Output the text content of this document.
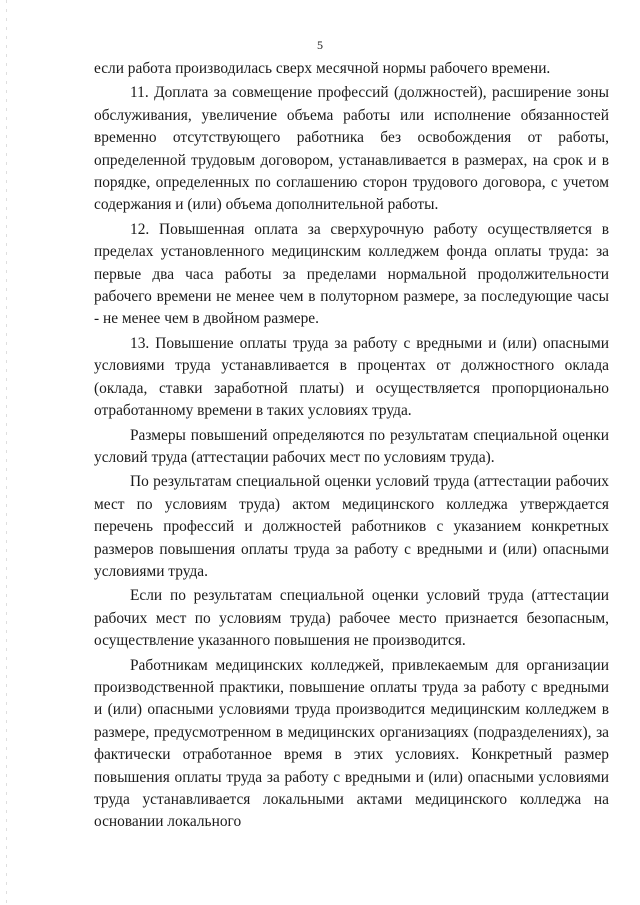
5

если работа производилась сверх месячной нормы рабочего времени.

11. Доплата за совмещение профессий (должностей), расширение зоны обслуживания, увеличение объема работы или исполнение обязанностей временно отсутствующего работника без освобождения от работы, определенной трудовым договором, устанавливается в размерах, на срок и в порядке, определенных по соглашению сторон трудового договора, с учетом содержания и (или) объема дополнительной работы.

12. Повышенная оплата за сверхурочную работу осуществляется в пределах установленного медицинским колледжем фонда оплаты труда: за первые два часа работы за пределами нормальной продолжительности рабочего времени не менее чем в полуторном размере, за последующие часы - не менее чем в двойном размере.

13. Повышение оплаты труда за работу с вредными и (или) опасными условиями труда устанавливается в процентах от должностного оклада (оклада, ставки заработной платы) и осуществляется пропорционально отработанному времени в таких условиях труда.

Размеры повышений определяются по результатам специальной оценки условий труда (аттестации рабочих мест по условиям труда).

По результатам специальной оценки условий труда (аттестации рабочих мест по условиям труда) актом медицинского колледжа утверждается перечень профессий и должностей работников с указанием конкретных размеров повышения оплаты труда за работу с вредными и (или) опасными условиями труда.

Если по результатам специальной оценки условий труда (аттестации рабочих мест по условиям труда) рабочее место признается безопасным, осуществление указанного повышения не производится.

Работникам медицинских колледжей, привлекаемым для организации производственной практики, повышение оплаты труда за работу с вредными и (или) опасными условиями труда производится медицинским колледжем в размере, предусмотренном в медицинских организациях (подразделениях), за фактически отработанное время в этих условиях. Конкретный размер повышения оплаты труда за работу с вредными и (или) опасными условиями труда устанавливается локальными актами медицинского колледжа на основании локального
